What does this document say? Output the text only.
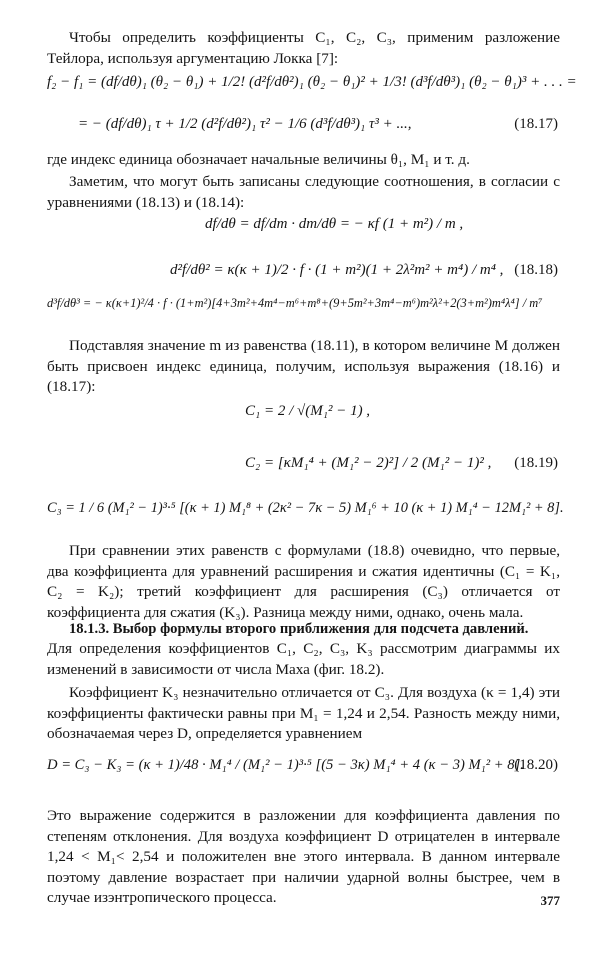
Чтобы определить коэффициенты C₁, C₂, C₃, применим разложение Тейлора, используя аргументацию Локка [7]:

f₂ − f₁ = (df/dθ)₁ (θ₂ − θ₁) + 1/2! (d²f/dθ²)₁ (θ₂ − θ₁)² + 1/3! (d³f/dθ³)₁ (θ₂ − θ₁)³ + . . . =
= − (df/dθ)₁ τ + 1/2 (d²f/dθ²)₁ τ² − 1/6 (d³f/dθ³)₁ τ³ + ...,	(18.17)

где индекс единица обозначает начальные величины θ₁, M₁ и т. д.

Заметим, что могут быть записаны следующие соотношения, в согласии с уравнениями (18.13) и (18.14):

df/dθ = df/dm · dm/dθ = − κf (1 + m²) / m ,
d²f/dθ² = κ(κ + 1)/2 · f · (1 + m²)(1 + 2λ²m² + m⁴) / m⁴ , (18.18)
d³f/dθ³ = − κ(κ+1)²/4 · f · (1+m²)[4+3m²+4m⁴−m⁶+m⁸+(9+5m²+3m⁴−m⁶)m²λ²+2(3+m²)m⁴λ⁴] / m⁷

Подставляя значение m из равенства (18.11), в котором величине M должен быть присвоен индекс единица, получим, используя выражения (18.16) и (18.17):

C₁ = 2 / √(M₁² − 1) ,
C₂ = [κM₁⁴ + (M₁² − 2)²] / 2 (M₁² − 1)² , (18.19)
C₃ = 1 / 6 (M₁² − 1)³·⁵ [(κ + 1) M₁⁸ + (2κ² − 7κ − 5) M₁⁶ + 10 (κ + 1) M₁⁴ − 12M₁² + 8].

При сравнении этих равенств с формулами (18.8) очевидно, что первые, два коэффициента для уравнений расширения и сжатия идентичны (C₁ = K₁, C₂ = K₂); третий коэффициент для расширения (C₃) отличается от коэффициента для сжатия (K₃). Разница между ними, однако, очень мала.

18.1.3. Выбор формулы второго приближения для подсчета давлений.

Для определения коэффициентов C₁, C₂, C₃, K₃ рассмотрим диаграммы их изменений в зависимости от числа Маха (фиг. 18.2).

Коэффициент K₃ незначительно отличается от C₃. Для воздуха (κ = 1,4) эти коэффициенты фактически равны при M₁ = 1,24 и 2,54. Разность между ними, обозначаемая через D, определяется уравнением

D = C₃ − K₃ = (κ + 1)/48 · M₁⁴ / (M₁² − 1)³·⁵ [(5 − 3κ) M₁⁴ + 4 (κ − 3) M₁² + 8].
(18.20)

Это выражение содержится в разложении для коэффициента давления по степеням отклонения. Для воздуха коэффициент D отрицателен в интервале 1,24 < M₁< 2,54 и положителен вне этого интервала. В данном интервале поэтому давление возрастает при наличии ударной волны быстрее, чем в случае изэнтропического процесса.	377
